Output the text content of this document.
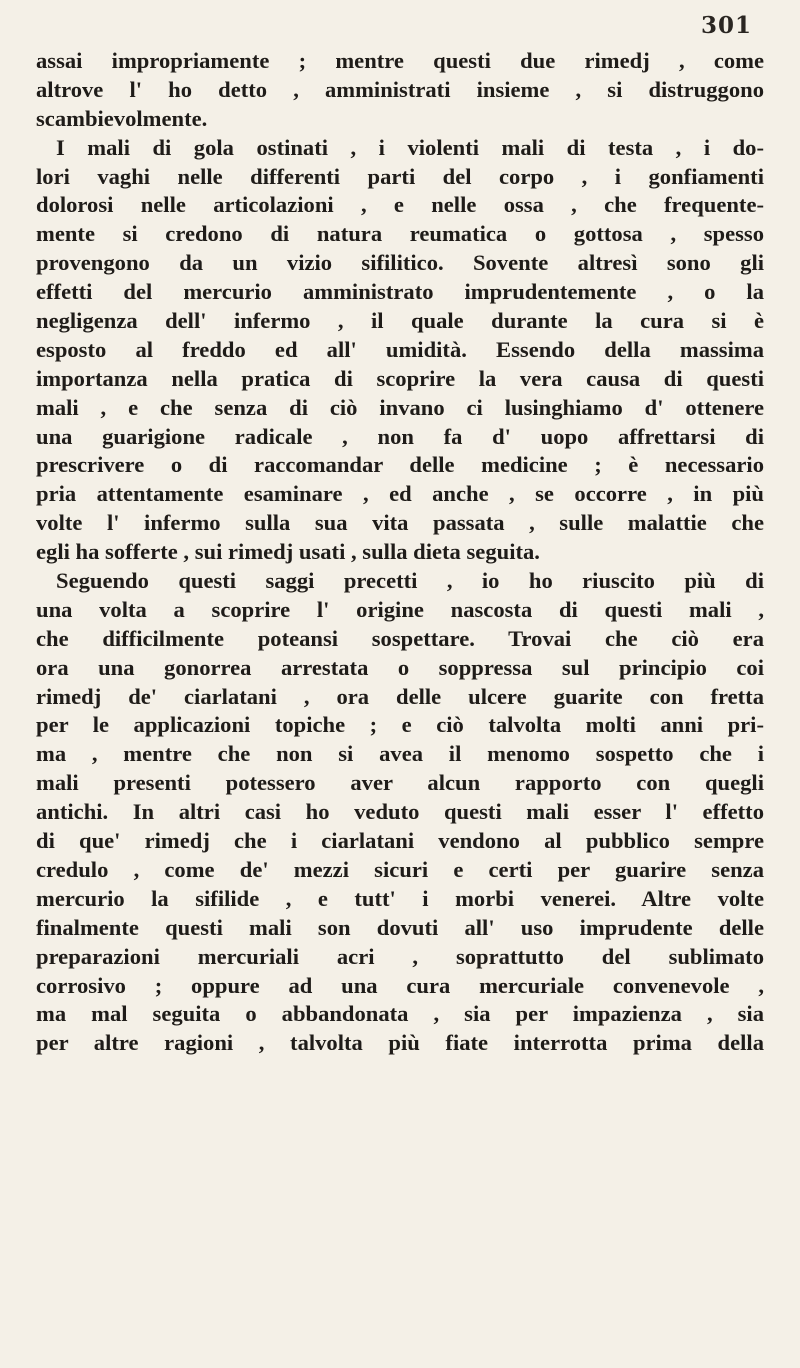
301
assai impropriamente ; mentre questi due rimedj , come
altrove l' ho detto , amministrati insieme , si distruggono
scambievolmente.
I mali di gola ostinati , i violenti mali di testa , i do-
lori vaghi nelle differenti parti del corpo , i gonfiamenti
dolorosi nelle articolazioni , e nelle ossa , che frequente-
mente si credono di natura reumatica o gottosa , spesso
provengono da un vizio sifilitico. Sovente altresì sono gli
effetti del mercurio amministrato imprudentemente , o la
negligenza dell' infermo , il quale durante la cura si è
esposto al freddo ed all' umidità. Essendo della massima
importanza nella pratica di scoprire la vera causa di questi
mali , e che senza di ciò invano ci lusinghiamo d' ottenere
una guarigione radicale , non fa d' uopo affrettarsi di
prescrivere o di raccomandar delle medicine ; è necessario
pria attentamente esaminare , ed anche , se occorre , in più
volte l' infermo sulla sua vita passata , sulle malattie che
egli ha sofferte , sui rimedj usati , sulla dieta seguita.
Seguendo questi saggi precetti , io ho riuscito più di
una volta a scoprire l' origine nascosta di questi mali ,
che difficilmente poteansi sospettare. Trovai che ciò era
ora una gonorrea arrestata o soppressa sul principio coi
rimedj de' ciarlatani , ora delle ulcere guarite con fretta
per le applicazioni topiche ; e ciò talvolta molti anni pri-
ma , mentre che non si avea il menomo sospetto che i
mali presenti potessero aver alcun rapporto con quegli
antichi. In altri casi ho veduto questi mali esser l' effetto
di que' rimedj che i ciarlatani vendono al pubblico sempre
credulo , come de' mezzi sicuri e certi per guarire senza
mercurio la sifilide , e tutt' i morbi venerei. Altre volte
finalmente questi mali son dovuti all' uso imprudente delle
preparazioni mercuriali acri , soprattutto del sublimato
corrosivo ; oppure ad una cura mercuriale convenevole ,
ma mal seguita o abbandonata , sia per impazienza , sia
per altre ragioni , talvolta più fiate interrotta prima della
